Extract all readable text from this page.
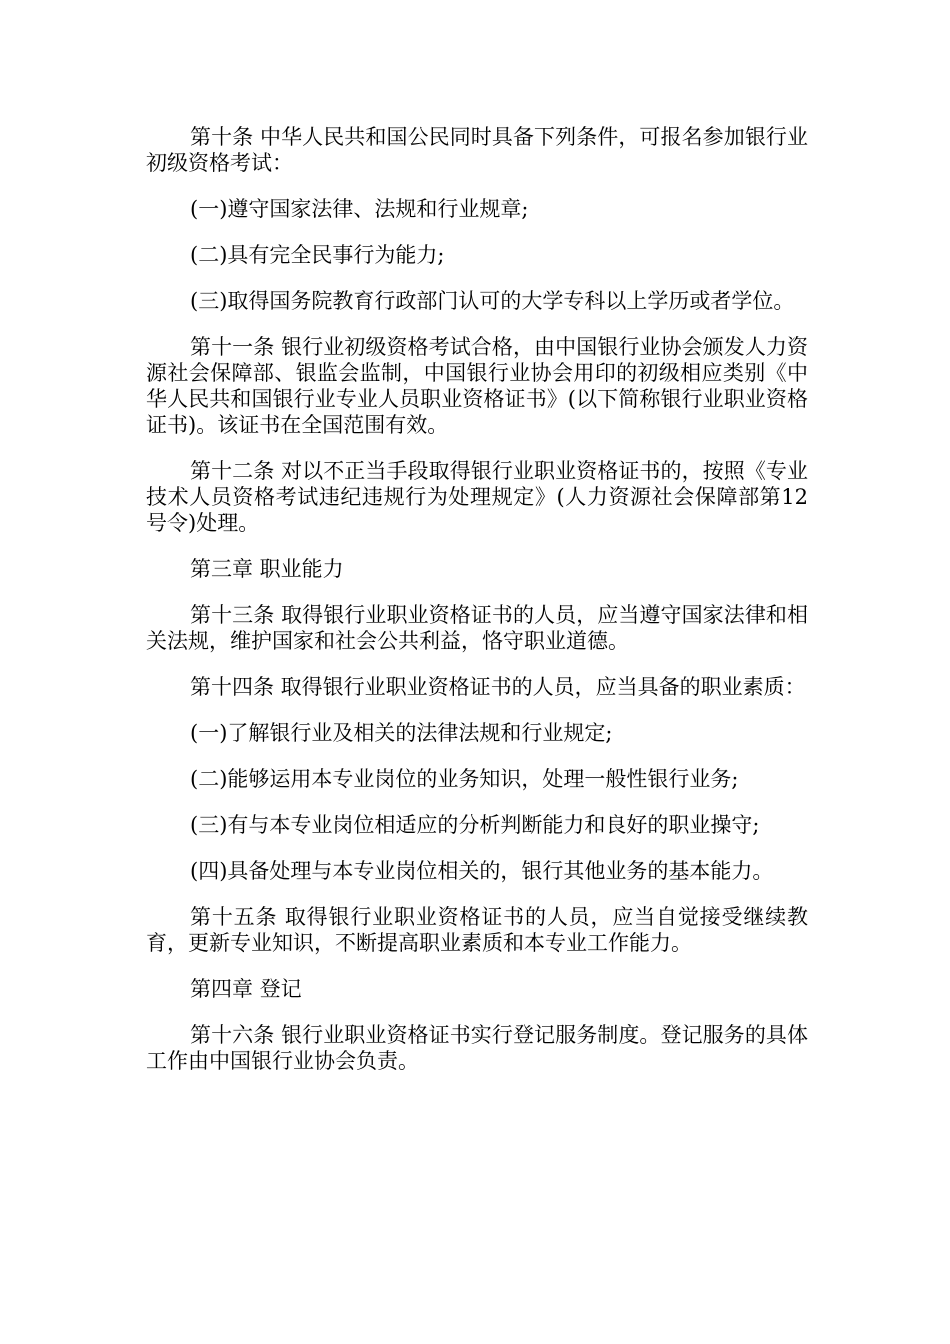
第十条 中华人民共和国公民同时具备下列条件，可报名参加银行业初级资格考试：

(一)遵守国家法律、法规和行业规章;

(二)具有完全民事行为能力;

(三)取得国务院教育行政部门认可的大学专科以上学历或者学位。

第十一条 银行业初级资格考试合格，由中国银行业协会颁发人力资源社会保障部、银监会监制，中国银行业协会用印的初级相应类别《中华人民共和国银行业专业人员职业资格证书》(以下简称银行业职业资格证书)。该证书在全国范围有效。

第十二条 对以不正当手段取得银行业职业资格证书的，按照《专业技术人员资格考试违纪违规行为处理规定》(人力资源社会保障部第12号令)处理。

第三章 职业能力

第十三条 取得银行业职业资格证书的人员，应当遵守国家法律和相关法规，维护国家和社会公共利益，恪守职业道德。

第十四条 取得银行业职业资格证书的人员，应当具备的职业素质：

(一)了解银行业及相关的法律法规和行业规定;

(二)能够运用本专业岗位的业务知识，处理一般性银行业务;

(三)有与本专业岗位相适应的分析判断能力和良好的职业操守;

(四)具备处理与本专业岗位相关的，银行其他业务的基本能力。

第十五条 取得银行业职业资格证书的人员，应当自觉接受继续教育，更新专业知识，不断提高职业素质和本专业工作能力。

第四章 登记

第十六条 银行业职业资格证书实行登记服务制度。登记服务的具体工作由中国银行业协会负责。
